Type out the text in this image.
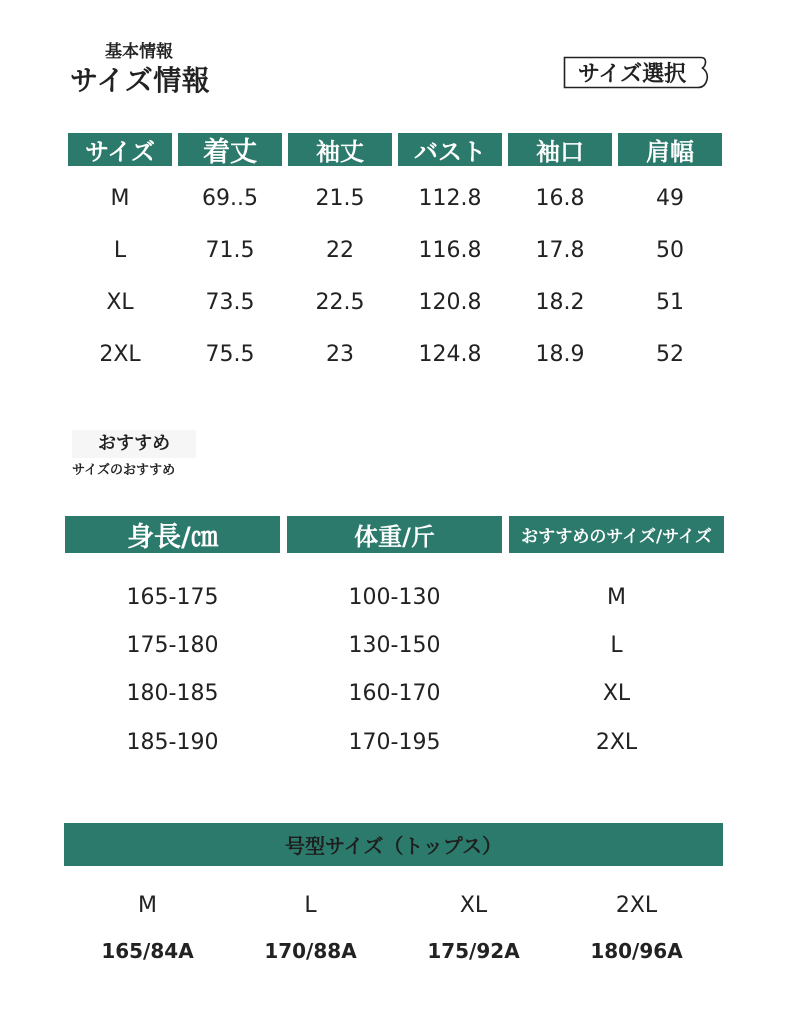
基本情報
サイズ情報	サイズ選択
サイズ	着丈	袖丈	バスト	袖口	肩幅
M	69..5	21.5	112.8	16.8	49
L	71.5	22	116.8	17.8	50
XL	73.5	22.5	120.8	18.2	51
2XL	75.5	23	124.8	18.9	52
おすすめ
サイズのおすすめ
身長/㎝	体重/斤	おすすめのサイズ/サイズ
165-175	100-130	M
175-180	130-150	L
180-185	160-170	XL
185-190	170-195	2XL
号型サイズ（トップス）
M	L	XL	2XL
165/84A	170/88A	175/92A	180/96A
